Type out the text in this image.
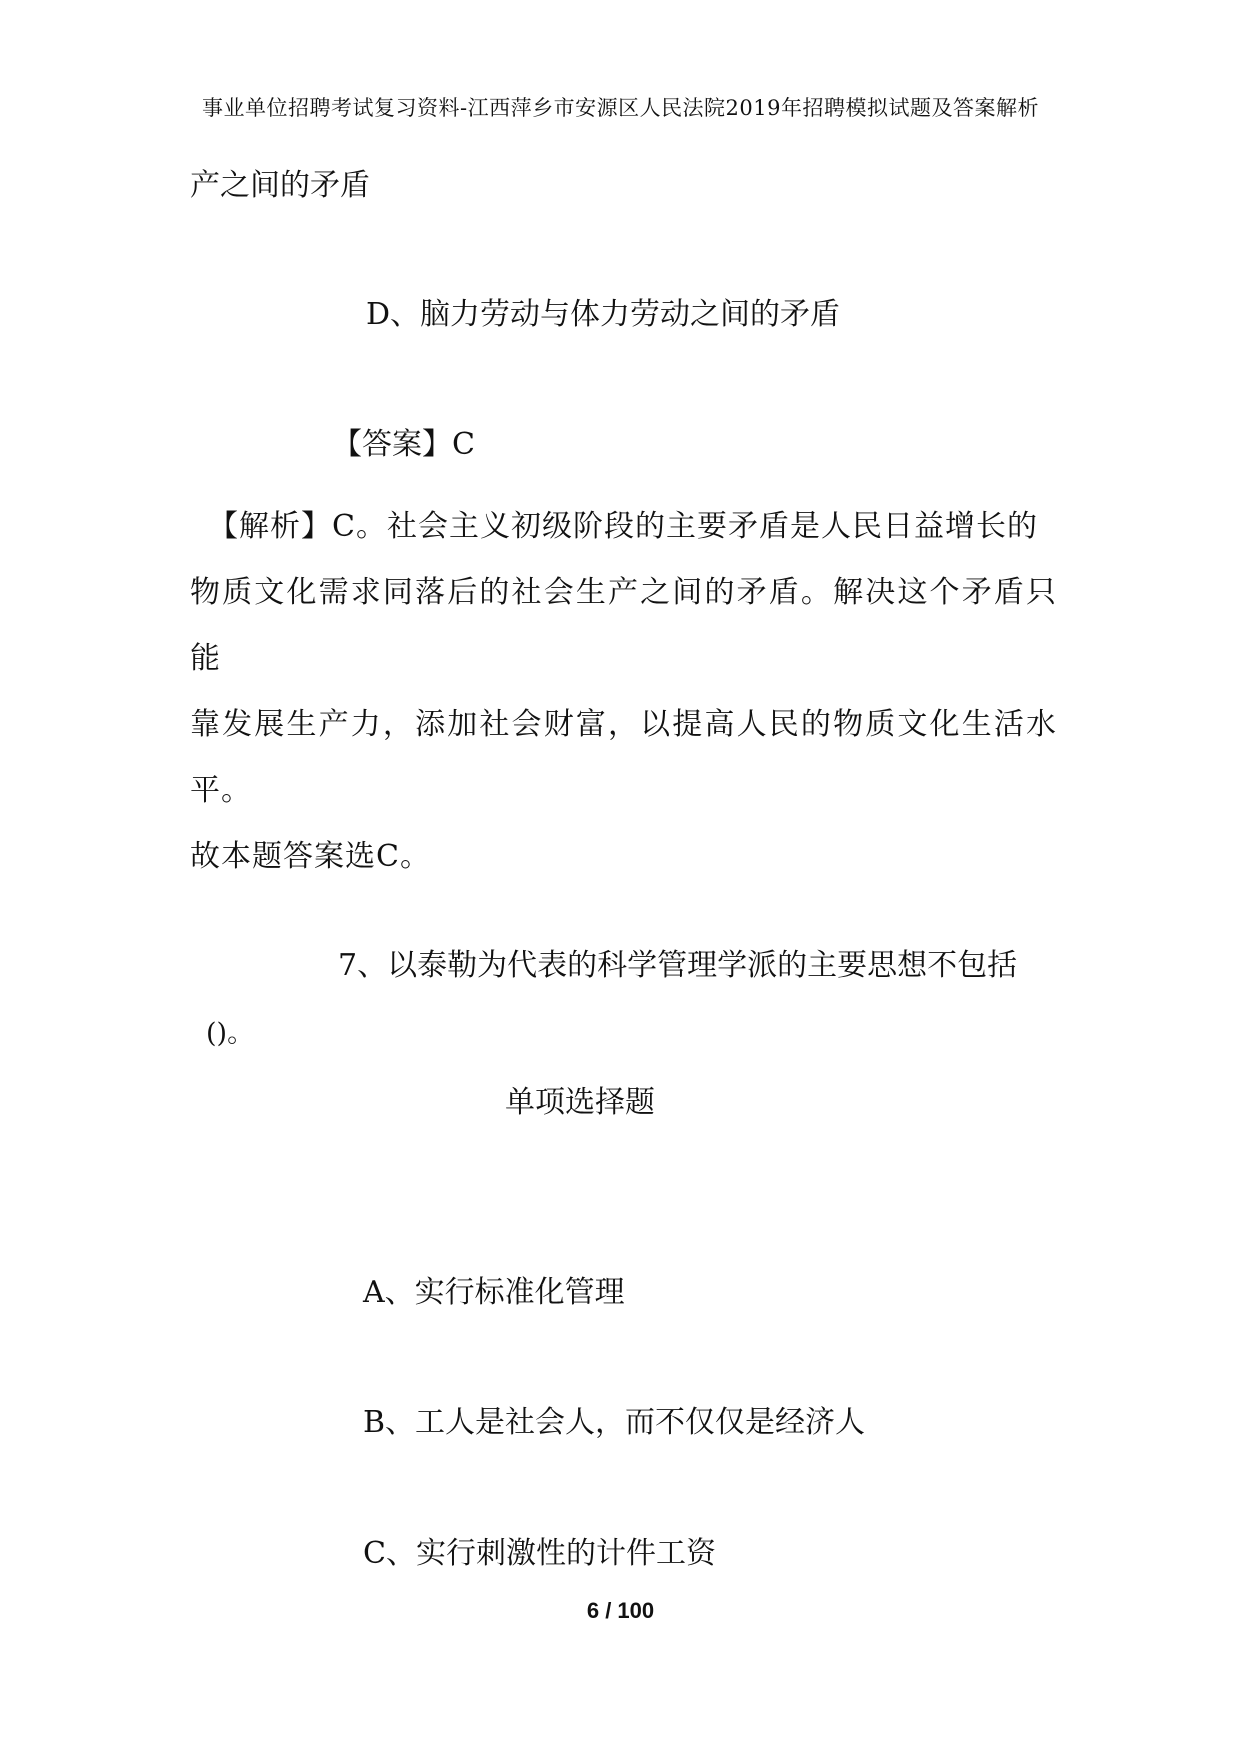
事业单位招聘考试复习资料-江西萍乡市安源区人民法院2019年招聘模拟试题及答案解析
产之间的矛盾
D、脑力劳动与体力劳动之间的矛盾
【答案】C
【解析】C。社会主义初级阶段的主要矛盾是人民日益增长的
物质文化需求同落后的社会生产之间的矛盾。解决这个矛盾只能
靠发展生产力，添加社会财富，以提高人民的物质文化生活水平。
故本题答案选C。
7、以泰勒为代表的科学管理学派的主要思想不包括
()。
单项选择题
A、实行标准化管理
B、工人是社会人，而不仅仅是经济人
C、实行刺激性的计件工资
6 / 100
